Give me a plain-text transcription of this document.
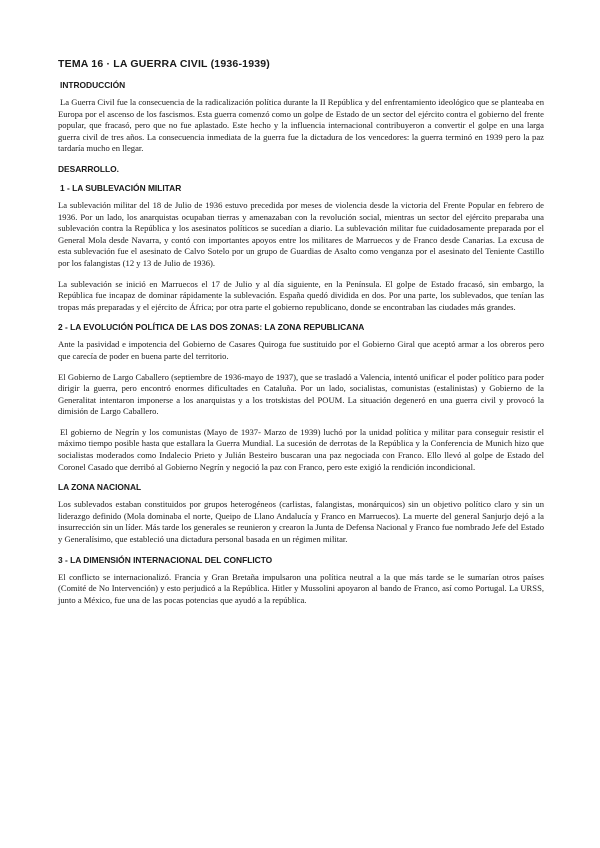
TEMA 16 · LA GUERRA CIVIL (1936-1939)
INTRODUCCIÓN

La Guerra Civil fue la consecuencia de la radicalización política durante la II República y del enfrentamiento ideológico que se planteaba en Europa por el ascenso de los fascismos. Esta guerra comenzó como un golpe de Estado de un sector del ejército contra el gobierno del frente popular, que fracasó, pero que no fue aplastado. Este hecho y la influencia internacional contribuyeron a convertir el golpe en una larga guerra civil de tres años. La consecuencia inmediata de la guerra fue la dictadura de los vencedores: la guerra terminó en 1939 pero la paz tardaría mucho en llegar.

DESARROLLO.
1 - LA SUBLEVACIÓN MILITAR

La sublevación militar del 18 de Julio de 1936 estuvo precedida por meses de violencia desde la victoria del Frente Popular en febrero de 1936. Por un lado, los anarquistas ocupaban tierras y amenazaban con la revolución social, mientras un sector del ejército preparaba una sublevación contra la República y los asesinatos políticos se sucedían a diario. La sublevación militar fue cuidadosamente preparada por el General Mola desde Navarra, y contó con importantes apoyos entre los militares de Marruecos y de Franco desde Canarias. La excusa de esta sublevación fue el asesinato de Calvo Sotelo por un grupo de Guardias de Asalto como venganza por el asesinato del Teniente Castillo por los falangistas (12 y 13 de Julio de 1936).

La sublevación se inició en Marruecos el 17 de Julio y al día siguiente, en la Península. El golpe de Estado fracasó, sin embargo, la República fue incapaz de dominar rápidamente la sublevación. España quedó dividida en dos. Por una parte, los sublevados, que tenían las tropas más preparadas y el ejército de África; por otra parte el gobierno republicano, donde se encontraban las ciudades más grandes.

2 - LA EVOLUCIÓN POLÍTICA DE LAS DOS ZONAS: LA ZONA REPUBLICANA

Ante la pasividad e impotencia del Gobierno de Casares Quiroga fue sustituido por el Gobierno Giral que aceptó armar a los obreros pero que carecía de poder en buena parte del territorio.

El Gobierno de Largo Caballero (septiembre de 1936-mayo de 1937), que se trasladó a Valencia, intentó unificar el poder político para poder dirigir la guerra, pero encontró enormes dificultades en Cataluña. Por un lado, socialistas, comunistas (estalinistas) y Gobierno de la Generalitat intentaron imponerse a los anarquistas y a los trotskistas del POUM. La situación degeneró en una guerra civil y provocó la dimisión de Largo Caballero.

El gobierno de Negrín y los comunistas (Mayo de 1937- Marzo de 1939) luchó por la unidad política y militar para conseguir resistir el máximo tiempo posible hasta que estallara la Guerra Mundial. La sucesión de derrotas de la República y la Conferencia de Munich hizo que socialistas moderados como Indalecio Prieto y Julián Besteiro buscaran una paz negociada con Franco. Ello llevó al golpe de Estado del Coronel Casado que derribó al Gobierno Negrín y negoció la paz con Franco, pero este exigió la rendición incondicional.

LA ZONA NACIONAL

Los sublevados estaban constituidos por grupos heterogéneos (carlistas, falangistas, monárquicos) sin un objetivo político claro y sin un liderazgo definido (Mola dominaba el norte, Queipo de Llano Andalucía y Franco en Marruecos). La muerte del general Sanjurjo dejó a la insurrección sin un líder. Más tarde los generales se reunieron y crearon la Junta de Defensa Nacional y Franco fue nombrado Jefe del Estado y Generalísimo, que estableció una dictadura personal basada en un régimen militar.

3 - LA DIMENSIÓN INTERNACIONAL DEL CONFLICTO

El conflicto se internacionalizó. Francia y Gran Bretaña impulsaron una política neutral a la que más tarde se le sumarían otros países (Comité de No Intervención) y esto perjudicó a la República. Hitler y Mussolini apoyaron al bando de Franco, así como Portugal. La URSS, junto a México, fue una de las pocas potencias que ayudó a la república.
